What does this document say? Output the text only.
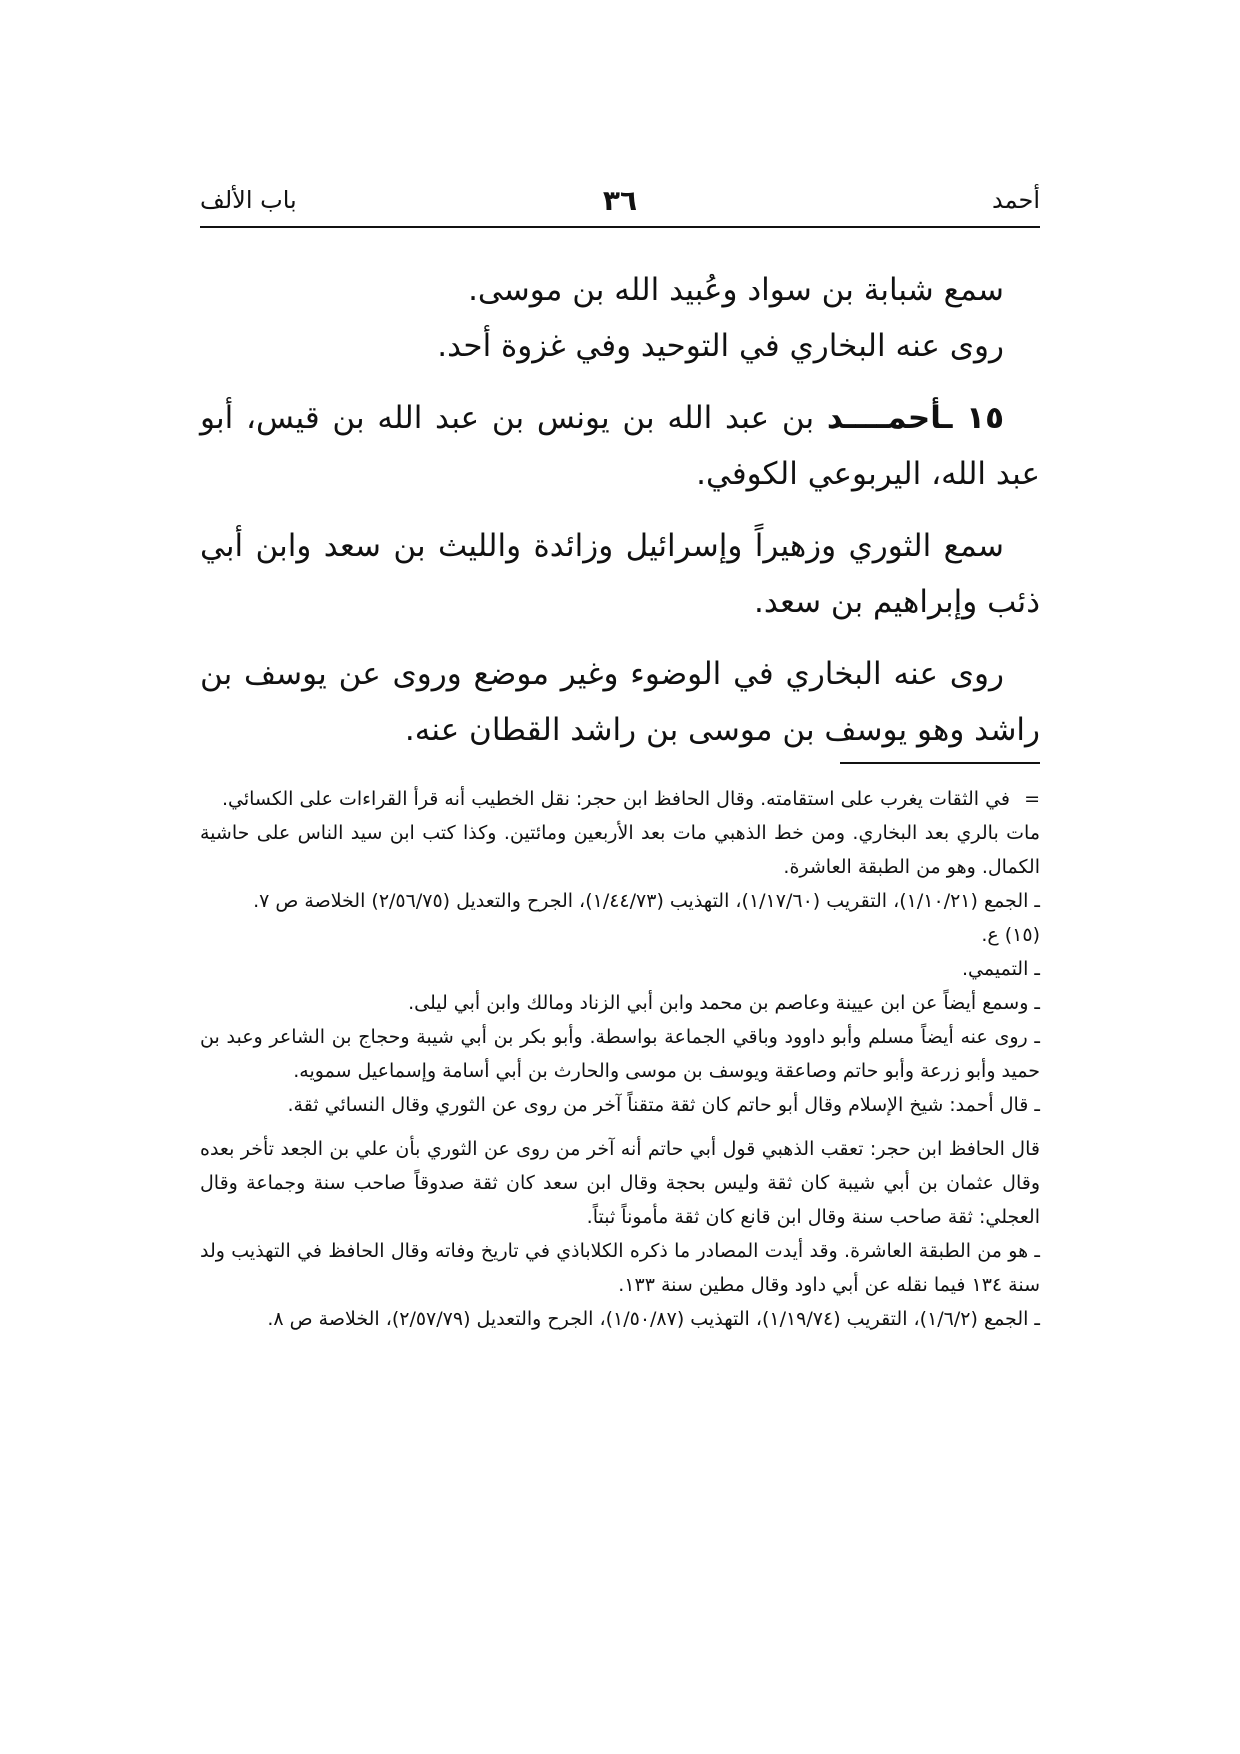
أحمد
٣٦
باب الألف

سمع شبابة بن سواد وعُبيد الله بن موسى.

روى عنه البخاري في التوحيد وفي غزوة أحد.

١٥ ـأحمــــد بن عبد الله بن يونس بن عبد الله بن قيس، أبو عبد الله، اليربوعي الكوفي.

سمع الثوري وزهيراً وإسرائيل وزائدة والليث بن سعد وابن أبي ذئب وإبراهيم بن سعد.

روى عنه البخاري في الوضوء وغير موضع وروى عن يوسف بن راشد وهو يوسف بن موسى بن راشد القطان عنه.

=في الثقات يغرب على استقامته. وقال الحافظ ابن حجر: نقل الخطيب أنه قرأ القراءات على الكسائي.

مات بالري بعد البخاري. ومن خط الذهبي مات بعد الأربعين ومائتين. وكذا كتب ابن سيد الناس على حاشية الكمال. وهو من الطبقة العاشرة.

ـ الجمع (١/١٠/٢١)، التقريب (١/١٧/٦٠)، التهذيب (١/٤٤/٧٣)، الجرح والتعديل (٢/٥٦/٧٥) الخلاصة ص ٧.

(١٥) ع.

ـ التميمي.

ـ وسمع أيضاً عن ابن عيينة وعاصم بن محمد وابن أبي الزناد ومالك وابن أبي ليلى.

ـ روى عنه أيضاً مسلم وأبو داوود وباقي الجماعة بواسطة. وأبو بكر بن أبي شيبة وحجاج بن الشاعر وعبد بن حميد وأبو زرعة وأبو حاتم وصاعقة ويوسف بن موسى والحارث بن أبي أسامة وإسماعيل سمويه.

ـ قال أحمد: شيخ الإسلام وقال أبو حاتم كان ثقة متقناً آخر من روى عن الثوري وقال النسائي ثقة.

قال الحافظ ابن حجر: تعقب الذهبي قول أبي حاتم أنه آخر من روى عن الثوري بأن علي بن الجعد تأخر بعده وقال عثمان بن أبي شيبة كان ثقة وليس بحجة وقال ابن سعد كان ثقة صدوقاً صاحب سنة وجماعة وقال العجلي: ثقة صاحب سنة وقال ابن قانع كان ثقة مأموناً ثبتاً.

ـ هو من الطبقة العاشرة. وقد أيدت المصادر ما ذكره الكلاباذي في تاريخ وفاته وقال الحافظ في التهذيب ولد سنة ١٣٤ فيما نقله عن أبي داود وقال مطين سنة ١٣٣.

ـ الجمع (١/٦/٢)، التقريب (١/١٩/٧٤)، التهذيب (١/٥٠/٨٧)، الجرح والتعديل (٢/٥٧/٧٩)، الخلاصة ص ٨.
